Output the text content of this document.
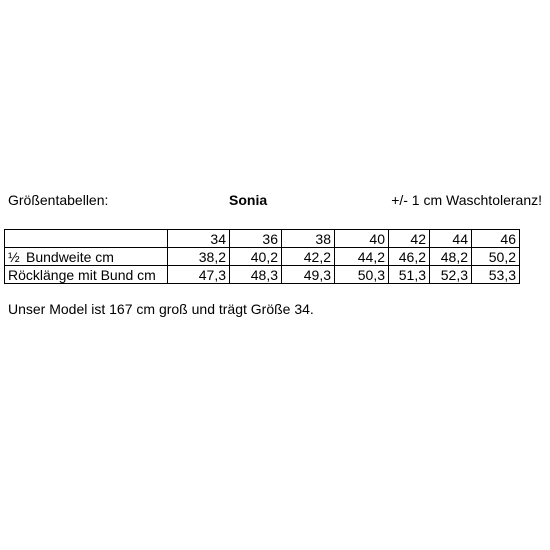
Größentabellen:	Sonia	+/- 1 cm Waschtoleranz!
	34	36	38	40	42	44	46
½ Bundweite cm	38,2	40,2	42,2	44,2	46,2	48,2	50,2
Röcklänge mit Bund cm	47,3	48,3	49,3	50,3	51,3	52,3	53,3
Unser Model ist 167 cm groß und trägt Größe 34.
